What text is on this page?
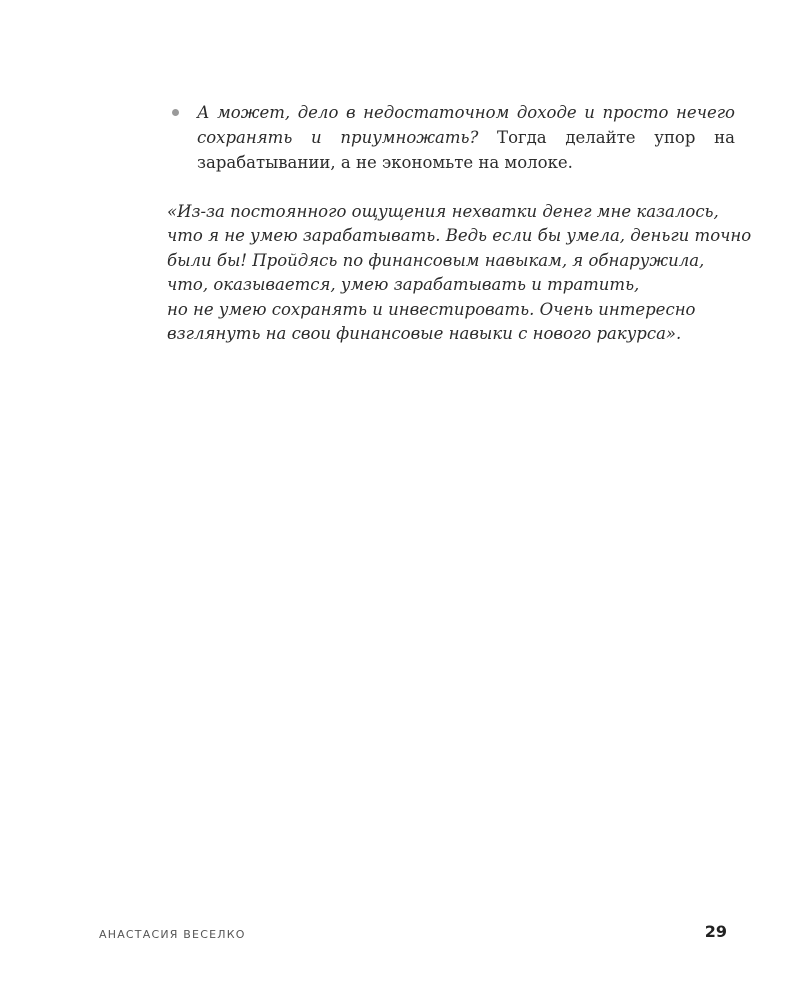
А может, дело в недостаточном доходе и просто нечего сохранять и приумножать? Тогда делайте упор на зарабатывании, а не экономьте на молоке.
«Из-за постоянного ощущения нехватки денег мне казалось,
что я не умею зарабатывать. Ведь если бы умела, деньги точно
были бы! Пройдясь по финансовым навыкам, я обнаружила,
что, оказывается, умею зарабатывать и тратить,
но не умею сохранять и инвестировать. Очень интересно
взглянуть на свои финансовые навыки с нового ракурса».
АНАСТАСИЯ ВЕСЕЛКО	29
